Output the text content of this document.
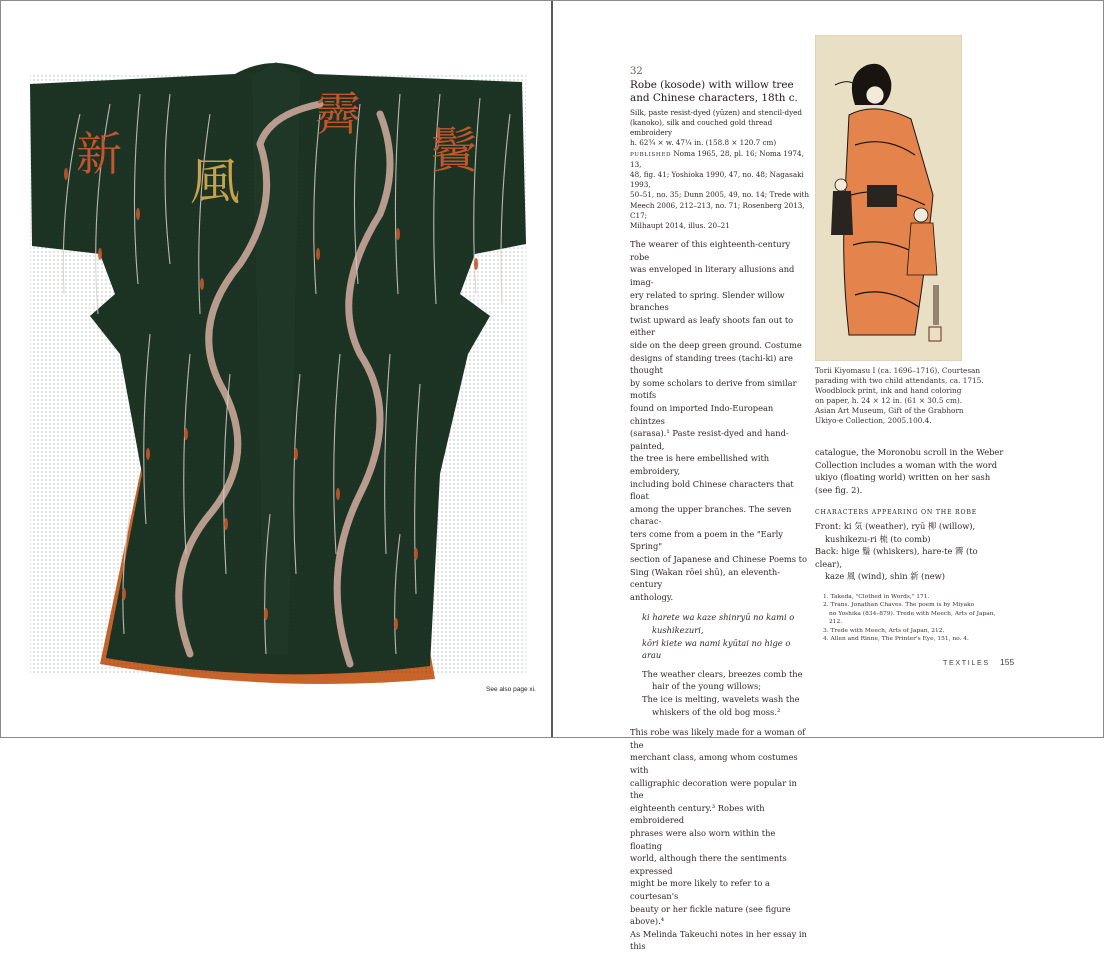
新
霽
鬢
風
See also page xi.
Torii Kiyomasu I (ca. 1696–1716), Courtesan
parading with two child attendants, ca. 1715.
Woodblock print, ink and hand coloring
on paper, h. 24 × 12 in. (61 × 30.5 cm).
Asian Art Museum, Gift of the Grabhorn
Ukiyo-e Collection, 2005.100.4.
32
Robe (kosode) with willow tree
and Chinese characters, 18th c.
Silk, paste resist-dyed (yūzen) and stencil-dyed
(kanoko), silk and couched gold thread embroidery
h. 62¾ × w. 47¼ in. (158.8 × 120.7 cm)
PUBLISHED Noma 1965, 28, pl. 16; Noma 1974, 13,
48, fig. 41; Yoshioka 1990, 47, no. 48; Nagasaki 1993,
50–51, no. 35; Dunn 2005, 49, no. 14; Trede with
Meech 2006, 212–213, no. 71; Rosenberg 2013, C17;
Milhaupt 2014, illus. 20–21
The wearer of this eighteenth-century robe
was enveloped in literary allusions and imag-
ery related to spring. Slender willow branches
twist upward as leafy shoots fan out to either
side on the deep green ground. Costume
designs of standing trees (tachi-ki) are thought
by some scholars to derive from similar motifs
found on imported Indo-European chintzes
(sarasa).¹ Paste resist-dyed and hand-painted,
the tree is here embellished with embroidery,
including bold Chinese characters that float
among the upper branches. The seven charac-
ters come from a poem in the "Early Spring"
section of Japanese and Chinese Poems to
Sing (Wakan rōei shū), an eleventh-century
anthology.
ki harete wa kaze shinryū no kami o
kushikezuri,
kōri kiete wa nami kyūtai no hige o arau
The weather clears, breezes comb the
hair of the young willows;
The ice is melting, wavelets wash the
whiskers of the old bog moss.²
This robe was likely made for a woman of the
merchant class, among whom costumes with
calligraphic decoration were popular in the
eighteenth century.³ Robes with embroidered
phrases were also worn within the floating
world, although there the sentiments expressed
might be more likely to refer to a courtesan's
beauty or her fickle nature (see figure above).⁴
As Melinda Takeuchi notes in her essay in this
catalogue, the Moronobu scroll in the Weber
Collection includes a woman with the word
ukiyo (floating world) written on her sash
(see fig. 2).
CHARACTERS APPEARING ON THE ROBE
Front: ki 気 (weather), ryū 柳 (willow),
kushikezu-ri 梳 (to comb)
Back: hige 鬚 (whiskers), hare-te 霽 (to clear),
kaze 風 (wind), shin 新 (new)
1. Takeda, "Clothed in Words," 171.
2. Trans. Jonathan Chaves. The poem is by Miyako
no Yoshika (834–879). Trede with Meech, Arts of Japan, 212.
3. Trede with Meech, Arts of Japan, 212.
4. Allen and Rinne, The Printer's Eye, 151, no. 4.
TEXTILES 155
